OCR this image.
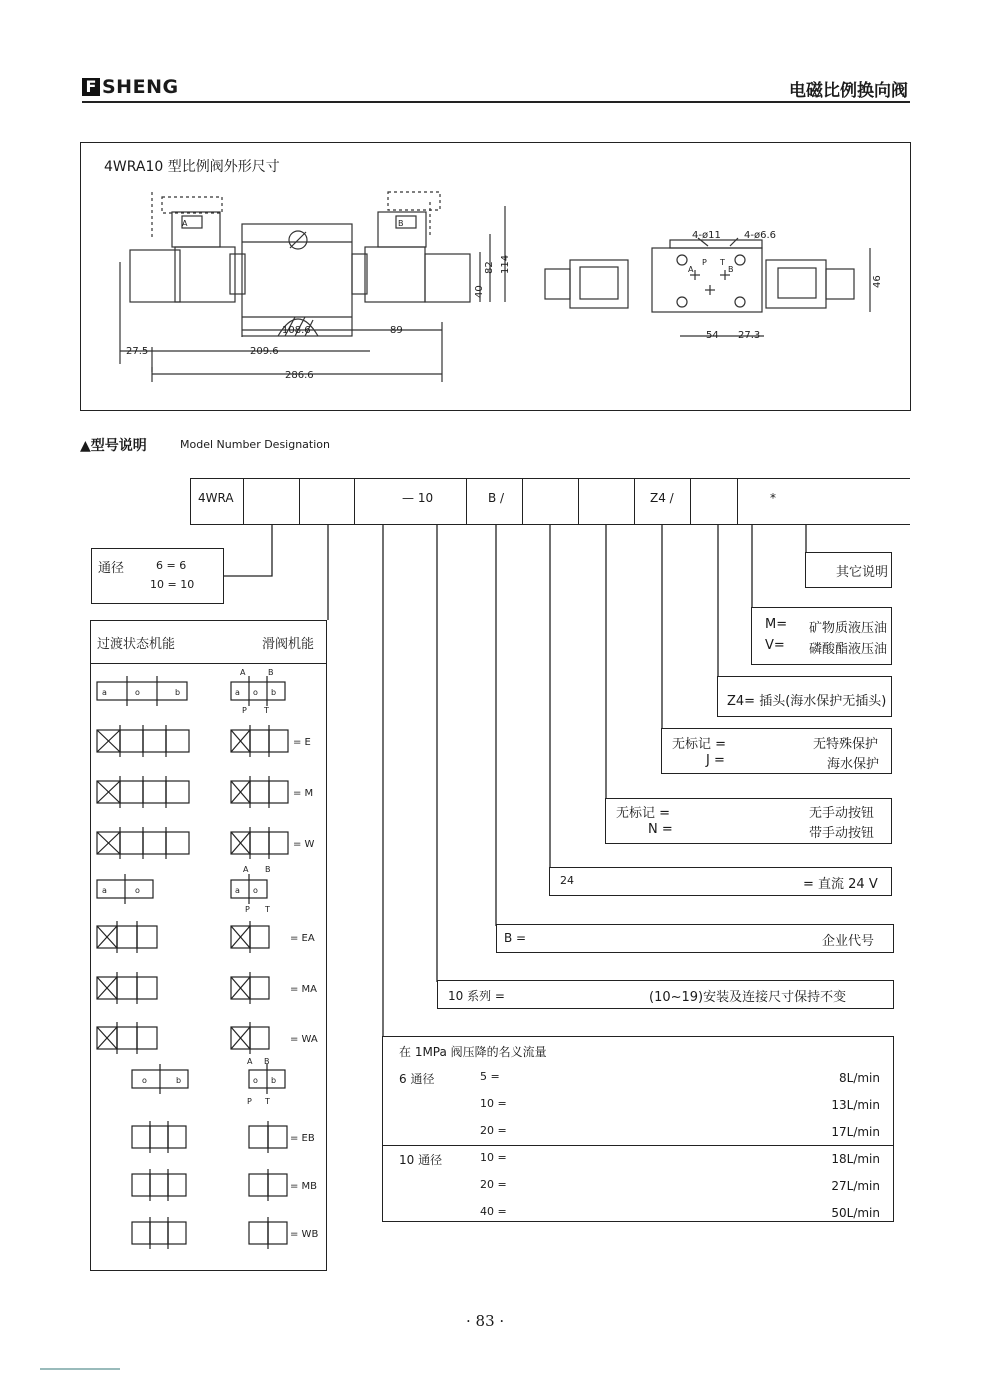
F SHENG	电磁比例换向阀
4WRA10 型比例阀外形尺寸
A	B
P
A	B
T
108.6	89
27.5	209.6
286.6
40
82 114
4-ø11 4-ø6.6
54 27.3
46
▲型号说明	Model Number Designation
4WRA	— 10	B /	Z4 /	*
通径	6 = 6
10 = 10
过渡状态机能	滑阀机能
a	o	b	a o b
A	B
P T
= E
= M
= W
a	o	a o
A B
P T
= EA
= MA
= WA
o	b	o b
A B
P T
= EB
= MB
= WB
其它说明
M= 矿物质液压油
V= 磷酸酯液压油
Z4= 插头(海水保护无插头)
无标记 =	无特殊保护
J =	海水保护
无标记 =	无手动按钮
N =	带手动按钮
24	= 直流 24 V
B =	企业代号
10 系列 =	(10~19)安装及连接尺寸保持不变
在 1MPa 阀压降的名义流量
6 通径	5 =	8L/min
10 =	13L/min
20 =	17L/min
10 通径	10 =	18L/min
20 =	27L/min
40 =	50L/min
· 83 ·
